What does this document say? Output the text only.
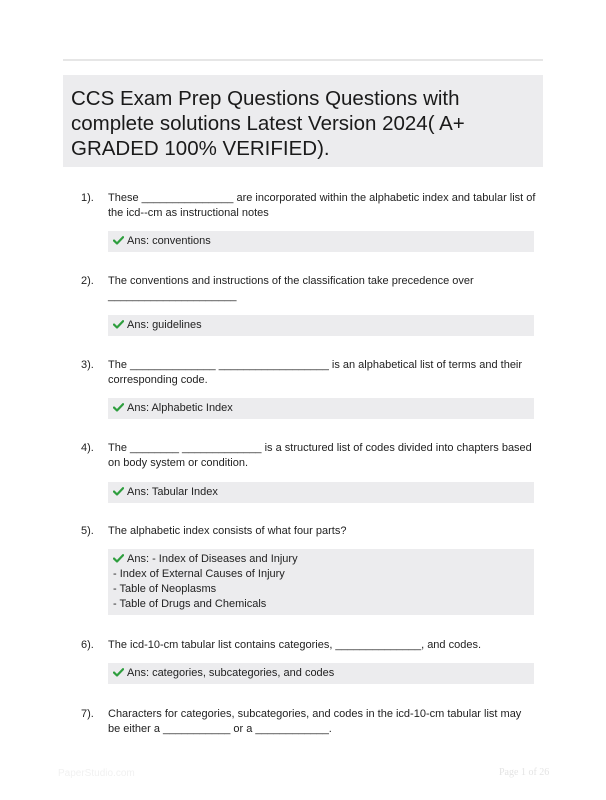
CCS Exam Prep Questions Questions with complete solutions Latest Version 2024( A+ GRADED 100% VERIFIED).
1). These _______________ are incorporated within the alphabetic index and tabular list of the icd--cm as instructional notes
Ans: conventions
2). The conventions and instructions of the classification take precedence over _____________________
Ans: guidelines
3). The ______________ __________________ is an alphabetical list of terms and their corresponding code.
Ans: Alphabetic Index
4). The ________ _____________ is a structured list of codes divided into chapters based on body system or condition.
Ans: Tabular Index
5). The alphabetic index consists of what four parts?
Ans: - Index of Diseases and Injury
- Index of External Causes of Injury
- Table of Neoplasms
- Table of Drugs and Chemicals
6). The icd-10-cm tabular list contains categories, ______________, and codes.
Ans: categories, subcategories, and codes
7). Characters for categories, subcategories, and codes in the icd-10-cm tabular list may be either a ___________ or a ____________.
PaperStudio.com	Page 1 of 26
